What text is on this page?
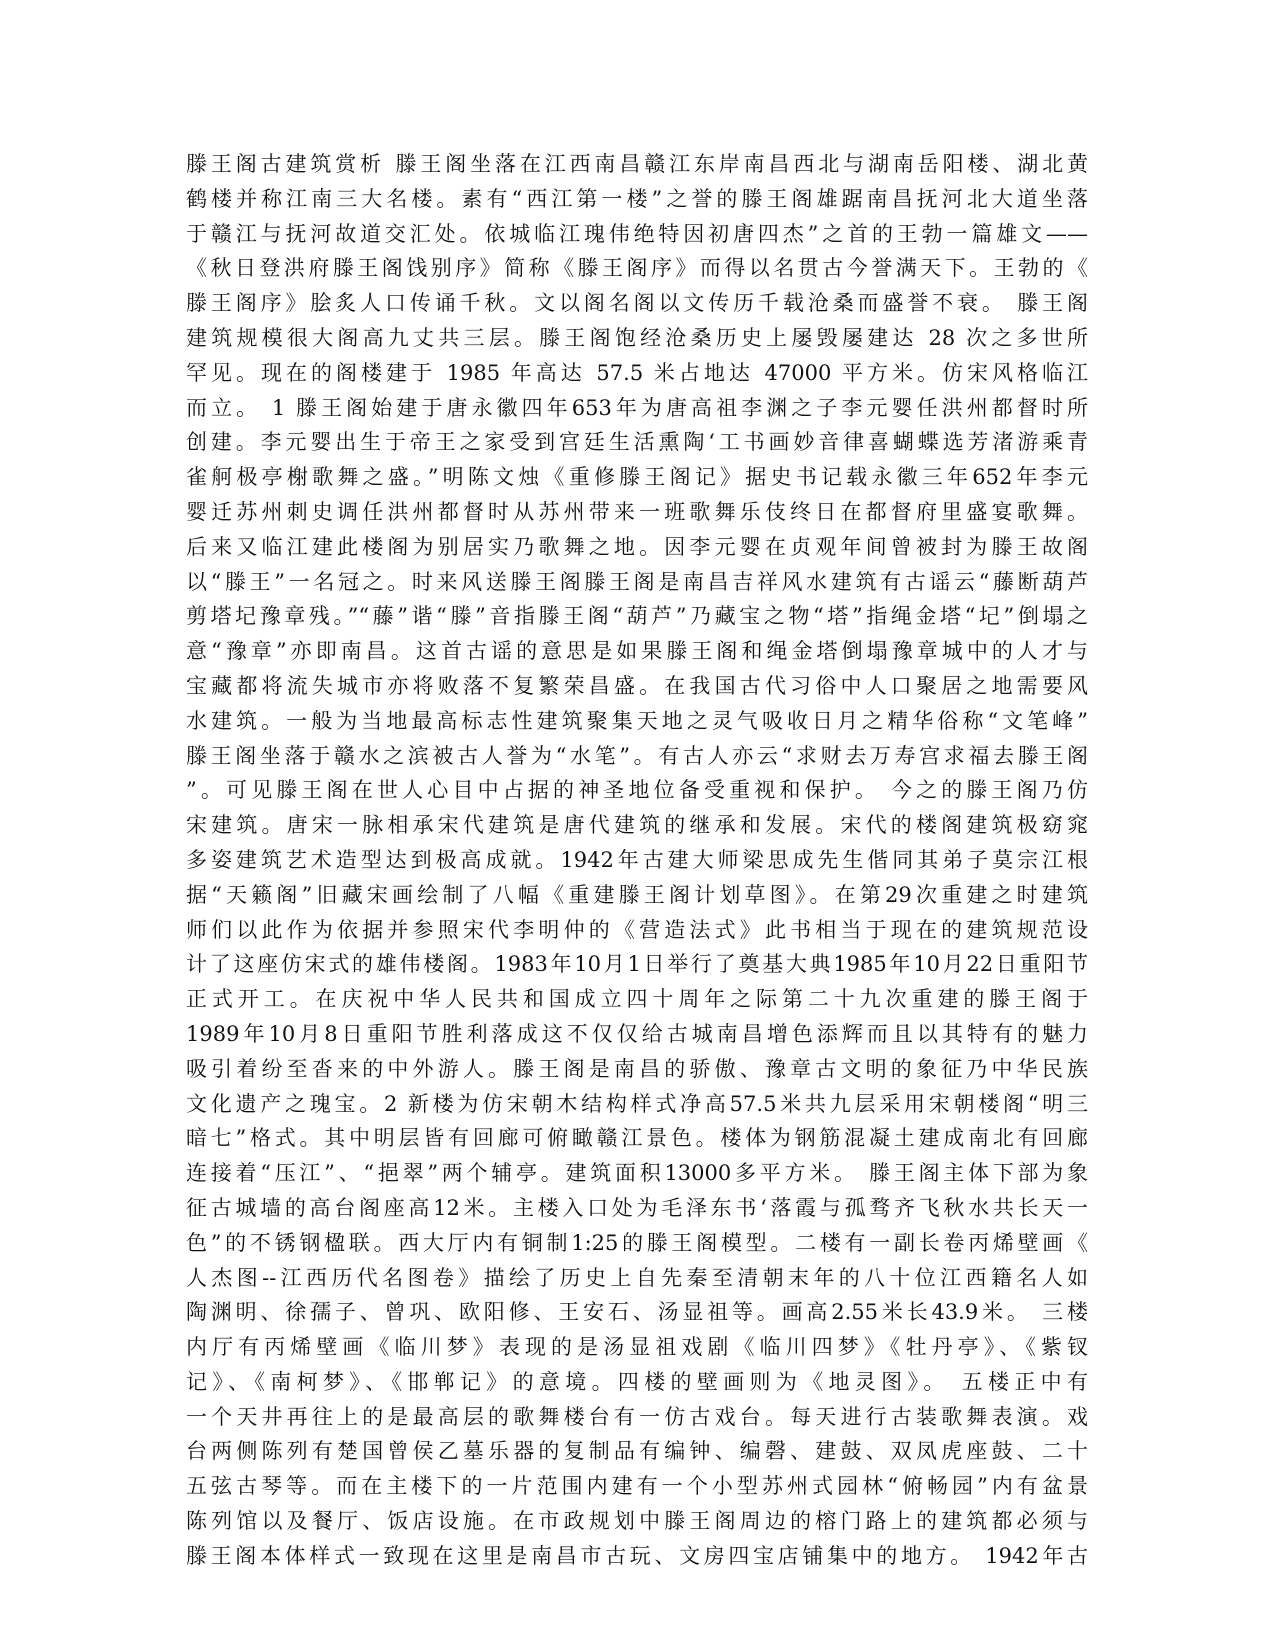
滕王阁古建筑赏析 滕王阁坐落在江西南昌赣江东岸南昌西北与湖南岳阳楼、湖北黄
鹤楼并称江南三大名楼。素有“西江第一楼”之誉的滕王阁雄踞南昌抚河北大道坐落
于赣江与抚河故道交汇处。依城临江瑰伟绝特因初唐四杰”之首的王勃一篇雄文——
《秋日登洪府滕王阁饯别序》简称《滕王阁序》而得以名贯古今誉满天下。王勃的《
滕王阁序》脍炙人口传诵千秋。文以阁名阁以文传历千载沧桑而盛誉不衰。 滕王阁
建筑规模很大阁高九丈共三层。滕王阁饱经沧桑历史上屡毁屡建达 28 次之多世所
罕见。现在的阁楼建于 1985 年高达 57.5 米占地达 47000 平方米。仿宋风格临江
而立。 1 滕王阁始建于唐永徽四年653年为唐高祖李渊之子李元婴任洪州都督时所
创建。李元婴出生于帝王之家受到宫廷生活熏陶‘工书画妙音律喜蝴蝶选芳渚游乘青
雀舸极亭榭歌舞之盛。”明陈文烛《重修滕王阁记》据史书记载永徽三年652年李元
婴迁苏州刺史调任洪州都督时从苏州带来一班歌舞乐伎终日在都督府里盛宴歌舞。
后来又临江建此楼阁为别居实乃歌舞之地。因李元婴在贞观年间曾被封为滕王故阁
以“滕王”一名冠之。时来风送滕王阁滕王阁是南昌吉祥风水建筑有古谣云“藤断葫芦
剪塔圮豫章残。”“藤”谐“滕”音指滕王阁“葫芦”乃藏宝之物“塔”指绳金塔“圮”倒塌之
意“豫章”亦即南昌。这首古谣的意思是如果滕王阁和绳金塔倒塌豫章城中的人才与
宝藏都将流失城市亦将败落不复繁荣昌盛。在我国古代习俗中人口聚居之地需要风
水建筑。一般为当地最高标志性建筑聚集天地之灵气吸收日月之精华俗称“文笔峰”
滕王阁坐落于赣水之滨被古人誉为“水笔”。有古人亦云“求财去万寿宫求福去滕王阁
”。可见滕王阁在世人心目中占据的神圣地位备受重视和保护。 今之的滕王阁乃仿
宋建筑。唐宋一脉相承宋代建筑是唐代建筑的继承和发展。宋代的楼阁建筑极窈窕
多姿建筑艺术造型达到极高成就。1942年古建大师梁思成先生偕同其弟子莫宗江根
据“天籁阁”旧藏宋画绘制了八幅《重建滕王阁计划草图》。在第29次重建之时建筑
师们以此作为依据并参照宋代李明仲的《营造法式》此书相当于现在的建筑规范设
计了这座仿宋式的雄伟楼阁。1983年10月1日举行了奠基大典1985年10月22日重阳节
正式开工。在庆祝中华人民共和国成立四十周年之际第二十九次重建的滕王阁于
1989年10月8日重阳节胜利落成这不仅仅给古城南昌增色添辉而且以其特有的魅力
吸引着纷至沓来的中外游人。滕王阁是南昌的骄傲、豫章古文明的象征乃中华民族
文化遗产之瑰宝。2 新楼为仿宋朝木结构样式净高57.5米共九层采用宋朝楼阁“明三
暗七”格式。其中明层皆有回廊可俯瞰赣江景色。楼体为钢筋混凝土建成南北有回廊
连接着“压江”、“挹翠”两个辅亭。建筑面积13000多平方米。 滕王阁主体下部为象
征古城墙的高台阁座高12米。主楼入口处为毛泽东书‘落霞与孤骛齐飞秋水共长天一
色”的不锈钢楹联。西大厅内有铜制1:25的滕王阁模型。二楼有一副长卷丙烯壁画《
人杰图--江西历代名图卷》描绘了历史上自先秦至清朝末年的八十位江西籍名人如
陶渊明、徐孺子、曾巩、欧阳修、王安石、汤显祖等。画高2.55米长43.9米。 三楼
内厅有丙烯壁画《临川梦》表现的是汤显祖戏剧《临川四梦》《牡丹亭》、《紫钗
记》、《南柯梦》、《邯郸记》的意境。四楼的壁画则为《地灵图》。 五楼正中有
一个天井再往上的是最高层的歌舞楼台有一仿古戏台。每天进行古装歌舞表演。戏
台两侧陈列有楚国曾侯乙墓乐器的复制品有编钟、编磬、建鼓、双凤虎座鼓、二十
五弦古琴等。而在主楼下的一片范围内建有一个小型苏州式园林“俯畅园”内有盆景
陈列馆以及餐厅、饭店设施。在市政规划中滕王阁周边的榕门路上的建筑都必须与
滕王阁本体样式一致现在这里是南昌市古玩、文房四宝店铺集中的地方。 1942年古
